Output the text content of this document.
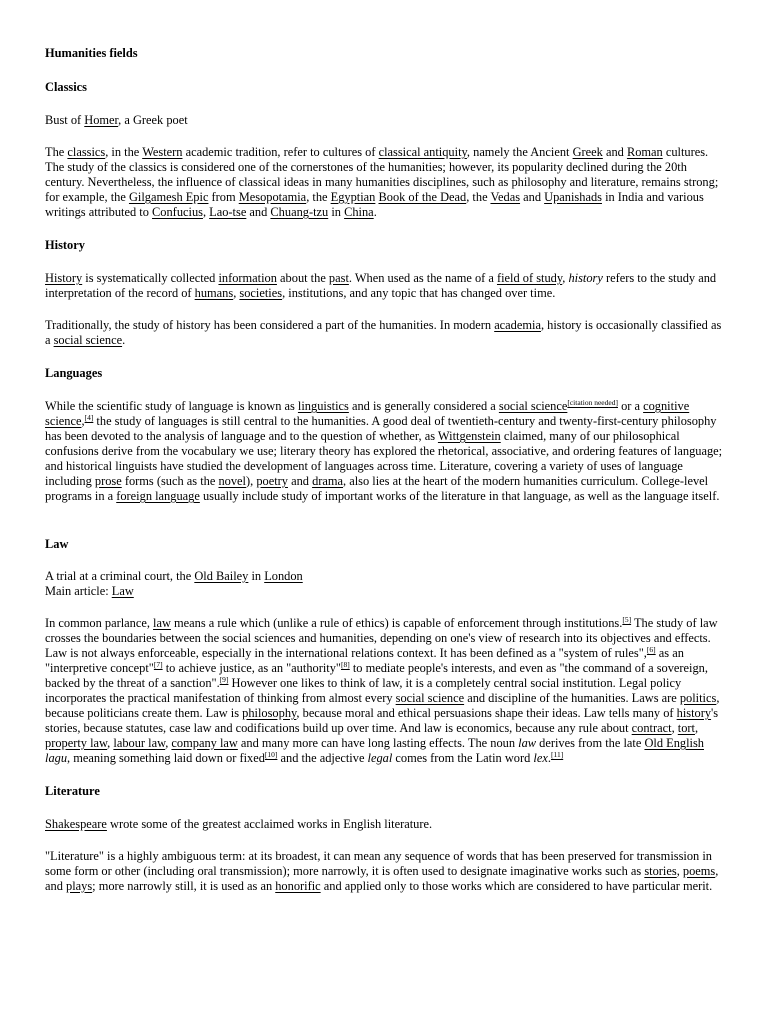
Humanities fields
Classics

Bust of Homer, a Greek poet

The classics, in the Western academic tradition, refer to cultures of classical antiquity, namely the Ancient Greek and Roman cultures. The study of the classics is considered one of the cornerstones of the humanities; however, its popularity declined during the 20th century. Nevertheless, the influence of classical ideas in many humanities disciplines, such as philosophy and literature, remains strong; for example, the Gilgamesh Epic from Mesopotamia, the Egyptian Book of the Dead, the Vedas and Upanishads in India and various writings attributed to Confucius, Lao-tse and Chuang-tzu in China.

History

History is systematically collected information about the past. When used as the name of a field of study, history refers to the study and interpretation of the record of humans, societies, institutions, and any topic that has changed over time.

Traditionally, the study of history has been considered a part of the humanities. In modern academia, history is occasionally classified as a social science.

Languages

While the scientific study of language is known as linguistics and is generally considered a social science[citation needed] or a cognitive science,[4] the study of languages is still central to the humanities. A good deal of twentieth-century and twenty-first-century philosophy has been devoted to the analysis of language and to the question of whether, as Wittgenstein claimed, many of our philosophical confusions derive from the vocabulary we use; literary theory has explored the rhetorical, associative, and ordering features of language; and historical linguists have studied the development of languages across time. Literature, covering a variety of uses of language including prose forms (such as the novel), poetry and drama, also lies at the heart of the modern humanities curriculum. College-level programs in a foreign language usually include study of important works of the literature in that language, as well as the language itself.

Law

A trial at a criminal court, the Old Bailey in London
Main article: Law

In common parlance, law means a rule which (unlike a rule of ethics) is capable of enforcement through institutions.[5] The study of law crosses the boundaries between the social sciences and humanities, depending on one's view of research into its objectives and effects. Law is not always enforceable, especially in the international relations context. It has been defined as a "system of rules",[6] as an "interpretive concept"[7] to achieve justice, as an "authority"[8] to mediate people's interests, and even as "the command of a sovereign, backed by the threat of a sanction".[9] However one likes to think of law, it is a completely central social institution. Legal policy incorporates the practical manifestation of thinking from almost every social science and discipline of the humanities. Laws are politics, because politicians create them. Law is philosophy, because moral and ethical persuasions shape their ideas. Law tells many of history's stories, because statutes, case law and codifications build up over time. And law is economics, because any rule about contract, tort, property law, labour law, company law and many more can have long lasting effects. The noun law derives from the late Old English lagu, meaning something laid down or fixed[10] and the adjective legal comes from the Latin word lex.[11]

Literature

Shakespeare wrote some of the greatest acclaimed works in English literature.

"Literature" is a highly ambiguous term: at its broadest, it can mean any sequence of words that has been preserved for transmission in some form or other (including oral transmission); more narrowly, it is often used to designate imaginative works such as stories, poems, and plays; more narrowly still, it is used as an honorific and applied only to those works which are considered to have particular merit.
